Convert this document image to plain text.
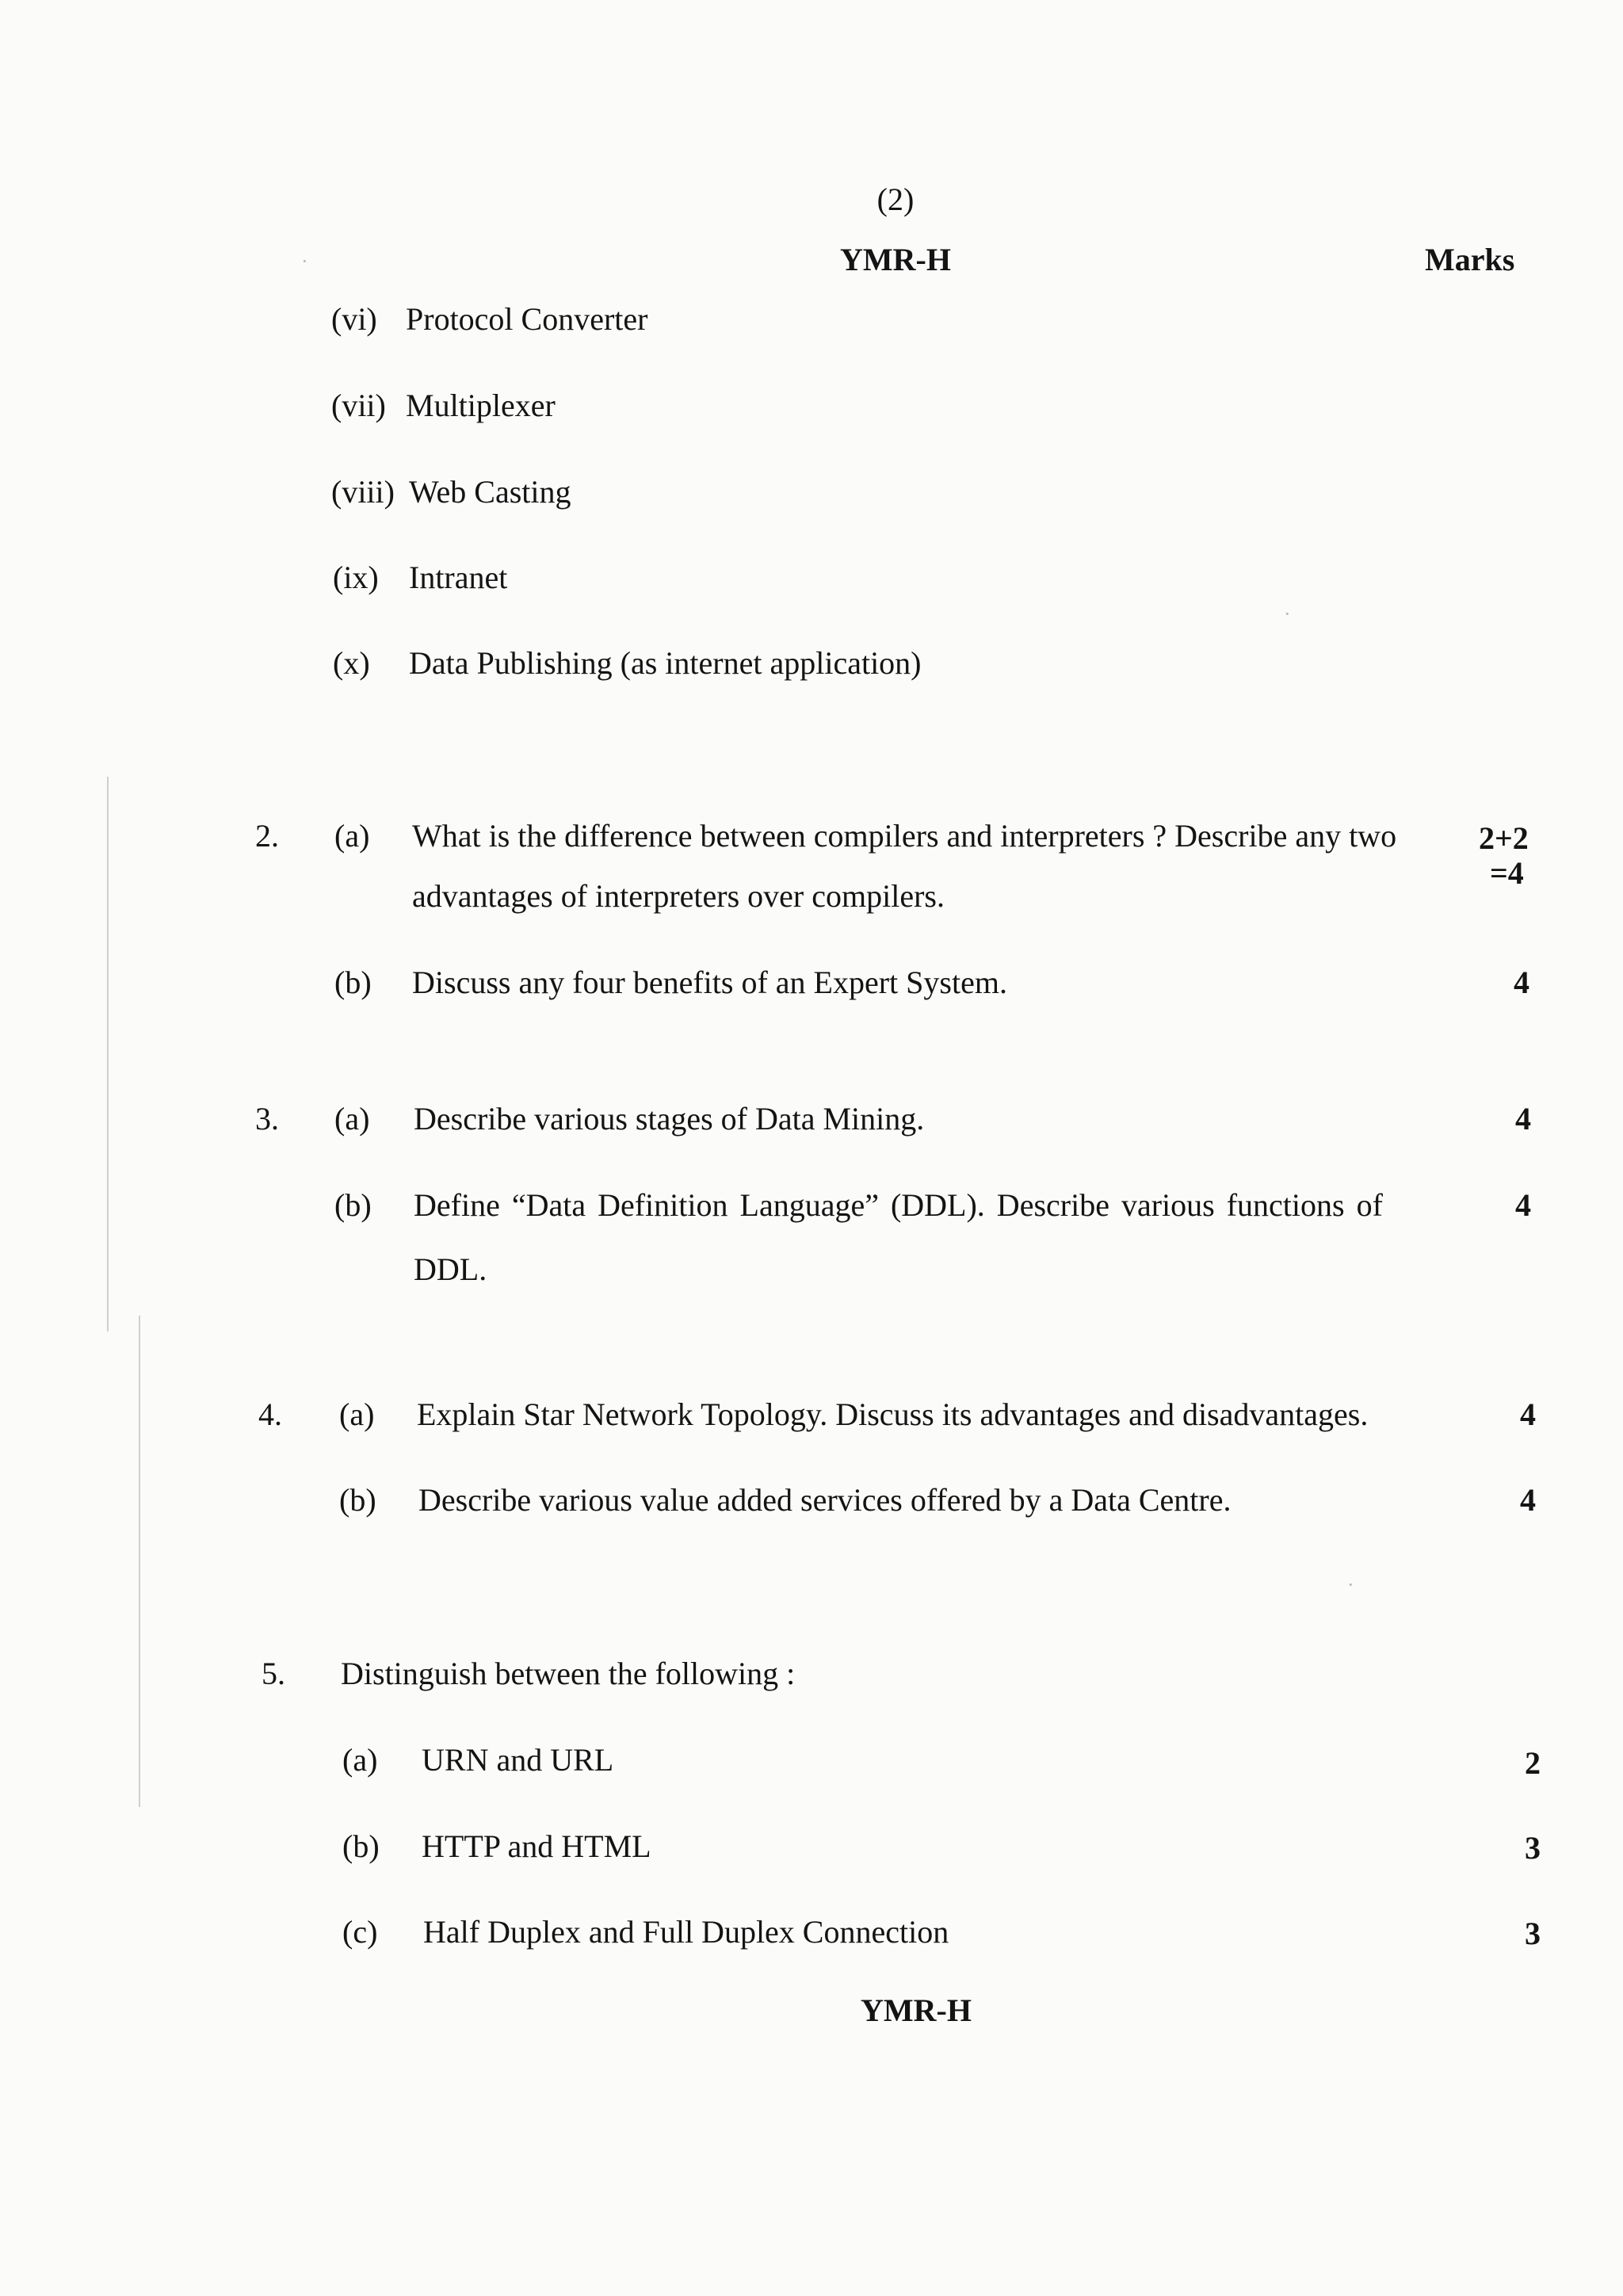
·
·
·
(2)
YMR-H	Marks
(vi) Protocol Converter
(vii) Multiplexer
(viii) Web Casting
(ix) Intranet
(x) Data Publishing (as internet application)
2. (a) What is the difference between compilers and interpreters ? Describe any two	2+2
advantages of interpreters over compilers.
=4
(b) Discuss any four benefits of an Expert System.	4
3. (a) Describe various stages of Data Mining.	4
(b) Define “Data Definition Language” (DDL). Describe various functions of	4
DDL.
4. (a) Explain Star Network Topology. Discuss its advantages and disadvantages.	4
(b) Describe various value added services offered by a Data Centre.	4
5. Distinguish between the following :
(a) URN and URL	2
(b) HTTP and HTML	3
(c) Half Duplex and Full Duplex Connection	3
YMR-H
